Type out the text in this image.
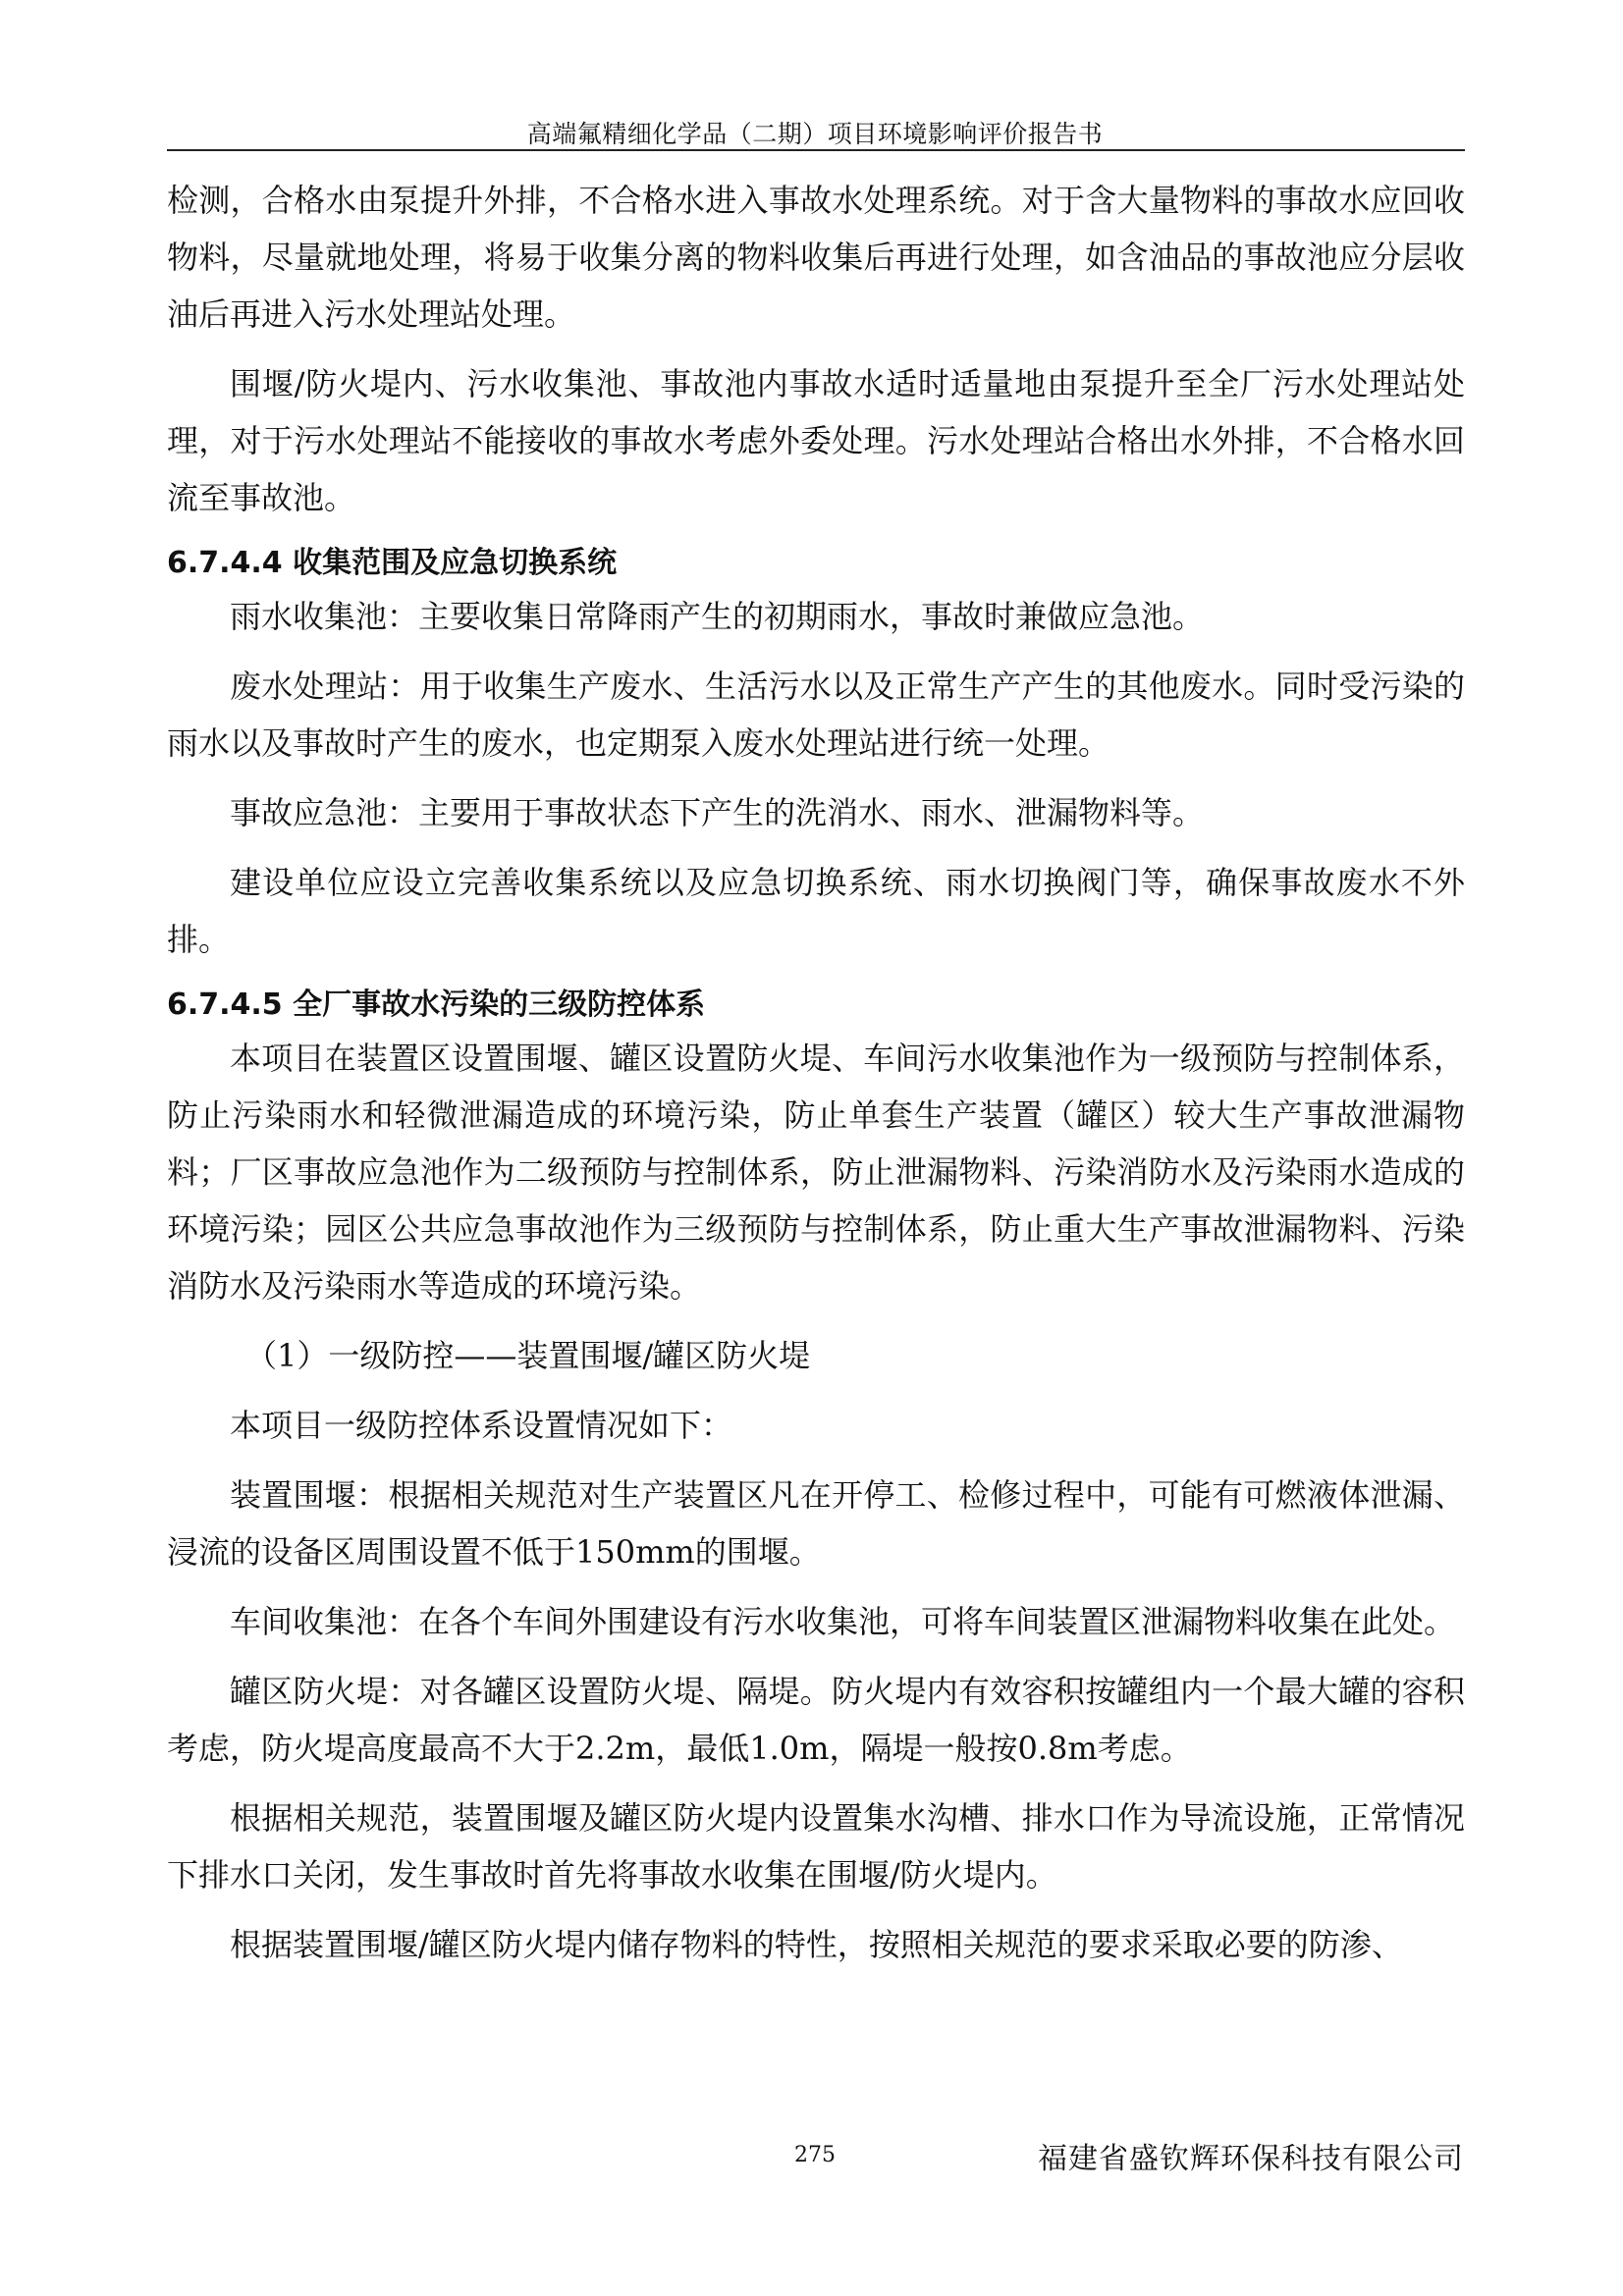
高端氟精细化学品（二期）项目环境影响评价报告书

检测，合格水由泵提升外排，不合格水进入事故水处理系统。对于含大量物料的事故水应回收物料，尽量就地处理，将易于收集分离的物料收集后再进行处理，如含油品的事故池应分层收油后再进入污水处理站处理。

围堰/防火堤内、污水收集池、事故池内事故水适时适量地由泵提升至全厂污水处理站处理，对于污水处理站不能接收的事故水考虑外委处理。污水处理站合格出水外排，不合格水回流至事故池。

6.7.4.4 收集范围及应急切换系统

雨水收集池：主要收集日常降雨产生的初期雨水，事故时兼做应急池。

废水处理站：用于收集生产废水、生活污水以及正常生产产生的其他废水。同时受污染的雨水以及事故时产生的废水，也定期泵入废水处理站进行统一处理。

事故应急池：主要用于事故状态下产生的洗消水、雨水、泄漏物料等。

建设单位应设立完善收集系统以及应急切换系统、雨水切换阀门等，确保事故废水不外排。

6.7.4.5 全厂事故水污染的三级防控体系

本项目在装置区设置围堰、罐区设置防火堤、车间污水收集池作为一级预防与控制体系，防止污染雨水和轻微泄漏造成的环境污染，防止单套生产装置（罐区）较大生产事故泄漏物料；厂区事故应急池作为二级预防与控制体系，防止泄漏物料、污染消防水及污染雨水造成的环境污染；园区公共应急事故池作为三级预防与控制体系，防止重大生产事故泄漏物料、污染消防水及污染雨水等造成的环境污染。

（1）一级防控——装置围堰/罐区防火堤

本项目一级防控体系设置情况如下：

装置围堰：根据相关规范对生产装置区凡在开停工、检修过程中，可能有可燃液体泄漏、浸流的设备区周围设置不低于150mm的围堰。

车间收集池：在各个车间外围建设有污水收集池，可将车间装置区泄漏物料收集在此处。

罐区防火堤：对各罐区设置防火堤、隔堤。防火堤内有效容积按罐组内一个最大罐的容积考虑，防火堤高度最高不大于2.2m，最低1.0m，隔堤一般按0.8m考虑。

根据相关规范，装置围堰及罐区防火堤内设置集水沟槽、排水口作为导流设施，正常情况下排水口关闭，发生事故时首先将事故水收集在围堰/防火堤内。

根据装置围堰/罐区防火堤内储存物料的特性，按照相关规范的要求采取必要的防渗、

275	福建省盛钦辉环保科技有限公司
